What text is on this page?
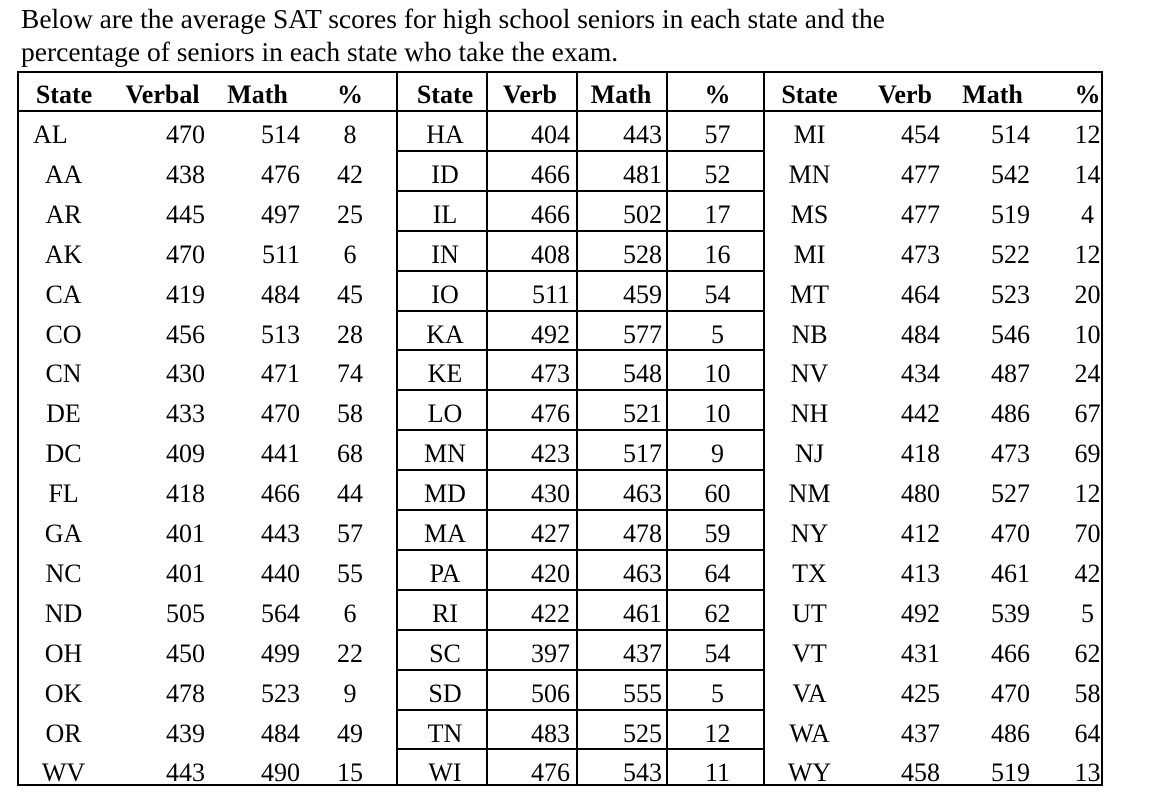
Below are the average SAT scores for high school seniors in each state and the
percentage of seniors in each state who take the exam.
State	Verbal	Math	%
AL	470	514	8
AA	438	476	42
AR	445	497	25
AK	470	511	6
CA	419	484	45
CO	456	513	28
CN	430	471	74
DE	433	470	58
DC	409	441	68
FL	418	466	44
GA	401	443	57
NC	401	440	55
ND	505	564	6
OH	450	499	22
OK	478	523	9
OR	439	484	49
WV	443	490	15
State	Verb	Math	%
HA	404	443	57
ID	466	481	52
IL	466	502	17
IN	408	528	16
IO	511	459	54
KA	492	577	5
KE	473	548	10
LO	476	521	10
MN	423	517	9
MD	430	463	60
MA	427	478	59
PA	420	463	64
RI	422	461	62
SC	397	437	54
SD	506	555	5
TN	483	525	12
WI	476	543	11
State	Verb	Math	%
MI	454	514	12
MN	477	542	14
MS	477	519	4
MI	473	522	12
MT	464	523	20
NB	484	546	10
NV	434	487	24
NH	442	486	67
NJ	418	473	69
NM	480	527	12
NY	412	470	70
TX	413	461	42
UT	492	539	5
VT	431	466	62
VA	425	470	58
WA	437	486	64
WY	458	519	13
